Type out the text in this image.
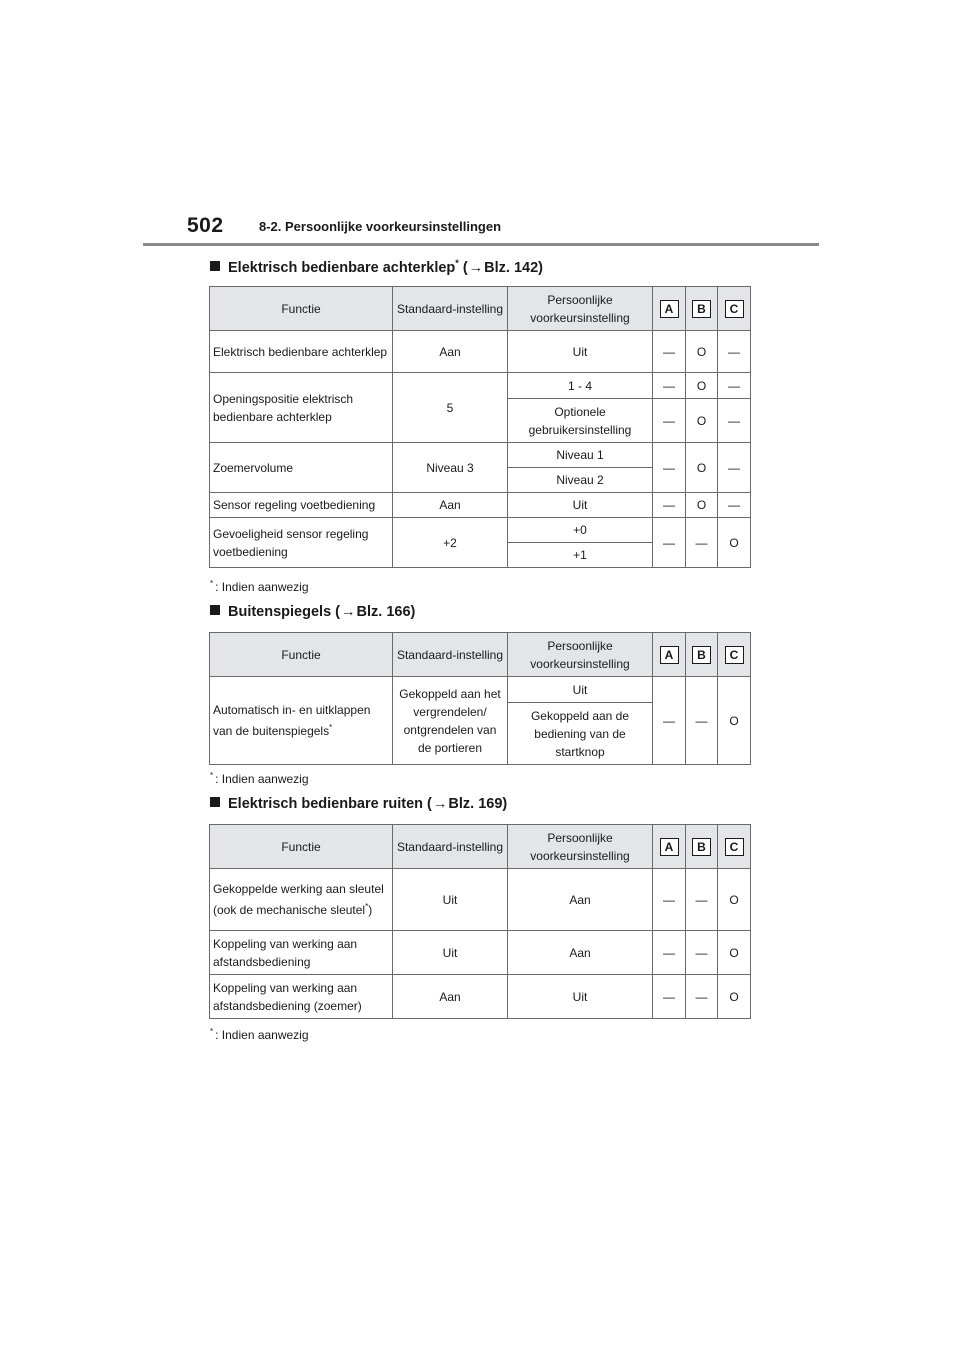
502	8-2. Persoonlijke voorkeursinstellingen
Elektrisch bedienbare achterklep* (→Blz. 142)
Functie	Standaard-instelling	Persoonlijke voorkeursinstelling	A	B	C
Elektrisch bedienbare achterklep	Aan	Uit	—	O	—
Openingspositie elektrisch bedienbare achterklep	5	1 - 4	—	O	—
		Optionele gebruikersinstelling	—	O	—
Zoemervolume	Niveau 3	Niveau 1	—	O	—
		Niveau 2			
Sensor regeling voetbediening	Aan	Uit	—	O	—
Gevoeligheid sensor regeling voetbediening	+2	+0	—	—	O
		+1			
* : Indien aanwezig
Buitenspiegels (→Blz. 166)
Functie	Standaard-instelling	Persoonlijke voorkeursinstelling	A	B	C
Automatisch in- en uitklappen van de buitenspiegels*	Gekoppeld aan het vergrendelen/ ontgrendelen van de portieren	Uit	—	—	O
		Gekoppeld aan de bediening van de startknop			
* : Indien aanwezig
Elektrisch bedienbare ruiten (→Blz. 169)
Functie	Standaard-instelling	Persoonlijke voorkeursinstelling	A	B	C
Gekoppelde werking aan sleutel (ook de mechanische sleutel*)	Uit	Aan	—	—	O
Koppeling van werking aan afstandsbediening	Uit	Aan	—	—	O
Koppeling van werking aan afstandsbediening (zoemer)	Aan	Uit	—	—	O
* : Indien aanwezig
